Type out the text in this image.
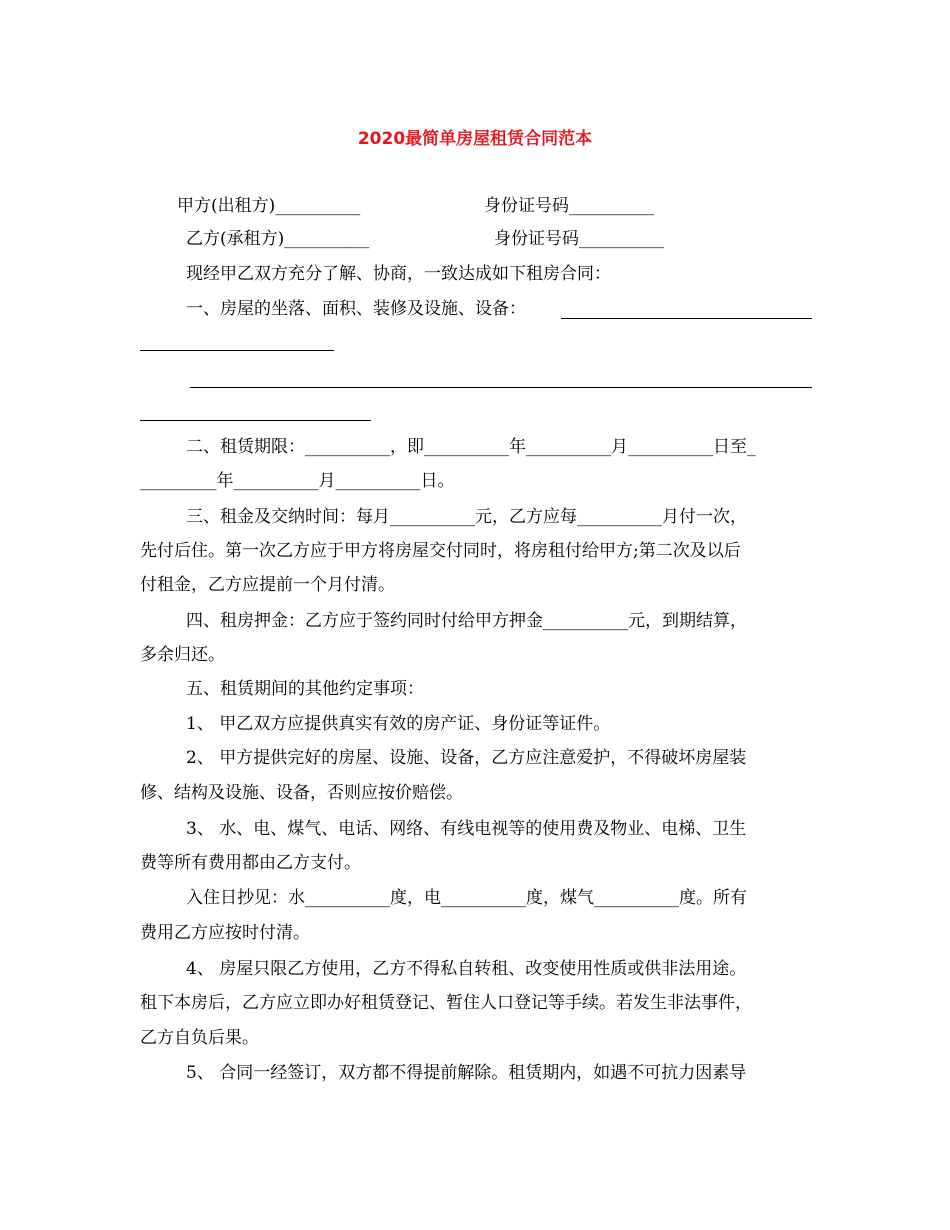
2020最简单房屋租赁合同范本
甲方(出租方)__________	身份证号码__________
乙方(承租方)__________	身份证号码__________
现经甲乙双方充分了解、协商，一致达成如下租房合同：
一、房屋的坐落、面积、装修及设施、设备：
二、租赁期限：__________，即__________年__________月__________日至_
_________年__________月__________日。
三、租金及交纳时间：每月__________元，乙方应每__________月付一次，
先付后住。第一次乙方应于甲方将房屋交付同时，将房租付给甲方;第二次及以后
付租金，乙方应提前一个月付清。
四、租房押金：乙方应于签约同时付给甲方押金__________元，到期结算，
多余归还。
五、租赁期间的其他约定事项：
1、 甲乙双方应提供真实有效的房产证、身份证等证件。
2、 甲方提供完好的房屋、设施、设备，乙方应注意爱护，不得破坏房屋装
修、结构及设施、设备，否则应按价赔偿。
3、 水、电、煤气、电话、网络、有线电视等的使用费及物业、电梯、卫生
费等所有费用都由乙方支付。
入住日抄见：水__________度，电__________度，煤气__________度。所有
费用乙方应按时付清。
4、 房屋只限乙方使用，乙方不得私自转租、改变使用性质或供非法用途。
租下本房后，乙方应立即办好租赁登记、暂住人口登记等手续。若发生非法事件，
乙方自负后果。
5、 合同一经签订，双方都不得提前解除。租赁期内，如遇不可抗力因素导
